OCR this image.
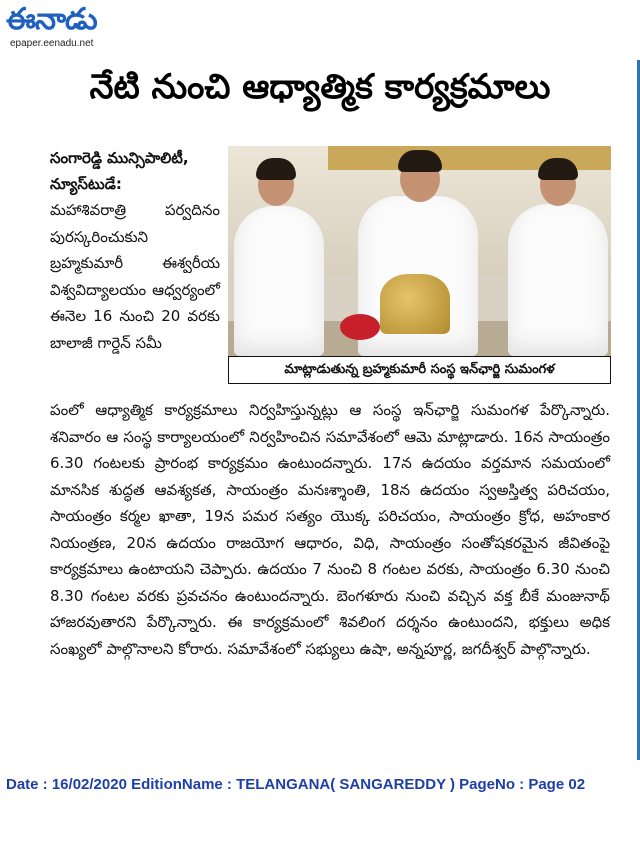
ఈనాడు
epaper.eenadu.net
నేటి నుంచి ఆధ్యాత్మిక కార్యక్రమాలు
సంగారెడ్డి మున్సిపాలిటీ, న్యూస్‌టుడే:
మహాశివరాత్రి పర్వదినం పురస్కరించుకుని బ్రహ్మకుమారీ ఈశ్వరీయ విశ్వవిద్యాలయం ఆధ్వర్యంలో ఈనెల 16 నుంచి 20 వరకు బాలాజీ గార్డెన్ సమీ
మాట్లాడుతున్న బ్రహ్మకుమారీ సంస్థ ఇన్‌ఛార్జి సుమంగళ
పంలో ఆధ్యాత్మిక కార్యక్రమాలు నిర్వహిస్తున్నట్లు ఆ సంస్థ ఇన్‌ఛార్జి సుమంగళ పేర్కొన్నారు. శనివారం ఆ సంస్థ కార్యాలయంలో నిర్వహించిన సమావేశంలో ఆమె మాట్లాడారు. 16న సాయంత్రం 6.30 గంటలకు ప్రారంభ కార్యక్రమం ఉంటుందన్నారు. 17న ఉదయం వర్తమాన సమయంలో మానసిక శుద్ధత ఆవశ్యకత, సాయంత్రం మనఃశ్శాంతి, 18న ఉదయం స్వఅస్తిత్వ పరిచయం, సాయంత్రం కర్మల ఖాతా, 19న పమర సత్యం యొక్క పరిచయం, సాయంత్రం క్రోధ, అహంకార నియంత్రణ, 20న ఉదయం రాజయోగ ఆధారం, విధి, సాయంత్రం సంతోషకరమైన జీవితంపై కార్యక్రమాలు ఉంటాయని చెప్పారు. ఉదయం 7 నుంచి 8 గంటల వరకు, సాయంత్రం 6.30 నుంచి 8.30 గంటల వరకు ప్రవచనం ఉంటుందన్నారు. బెంగళూరు నుంచి వచ్చిన వక్త బీకే మంజునాథ్ హాజరవుతారని పేర్కొన్నారు. ఈ కార్యక్రమంలో శివలింగ దర్శనం ఉంటుందని, భక్తులు అధిక సంఖ్యలో పాల్గొనాలని కోరారు. సమావేశంలో సభ్యులు ఉషా, అన్నపూర్ణ, జగదీశ్వర్ పాల్గొన్నారు.
Date : 16/02/2020 EditionName : TELANGANA( SANGAREDDY ) PageNo : Page 02
